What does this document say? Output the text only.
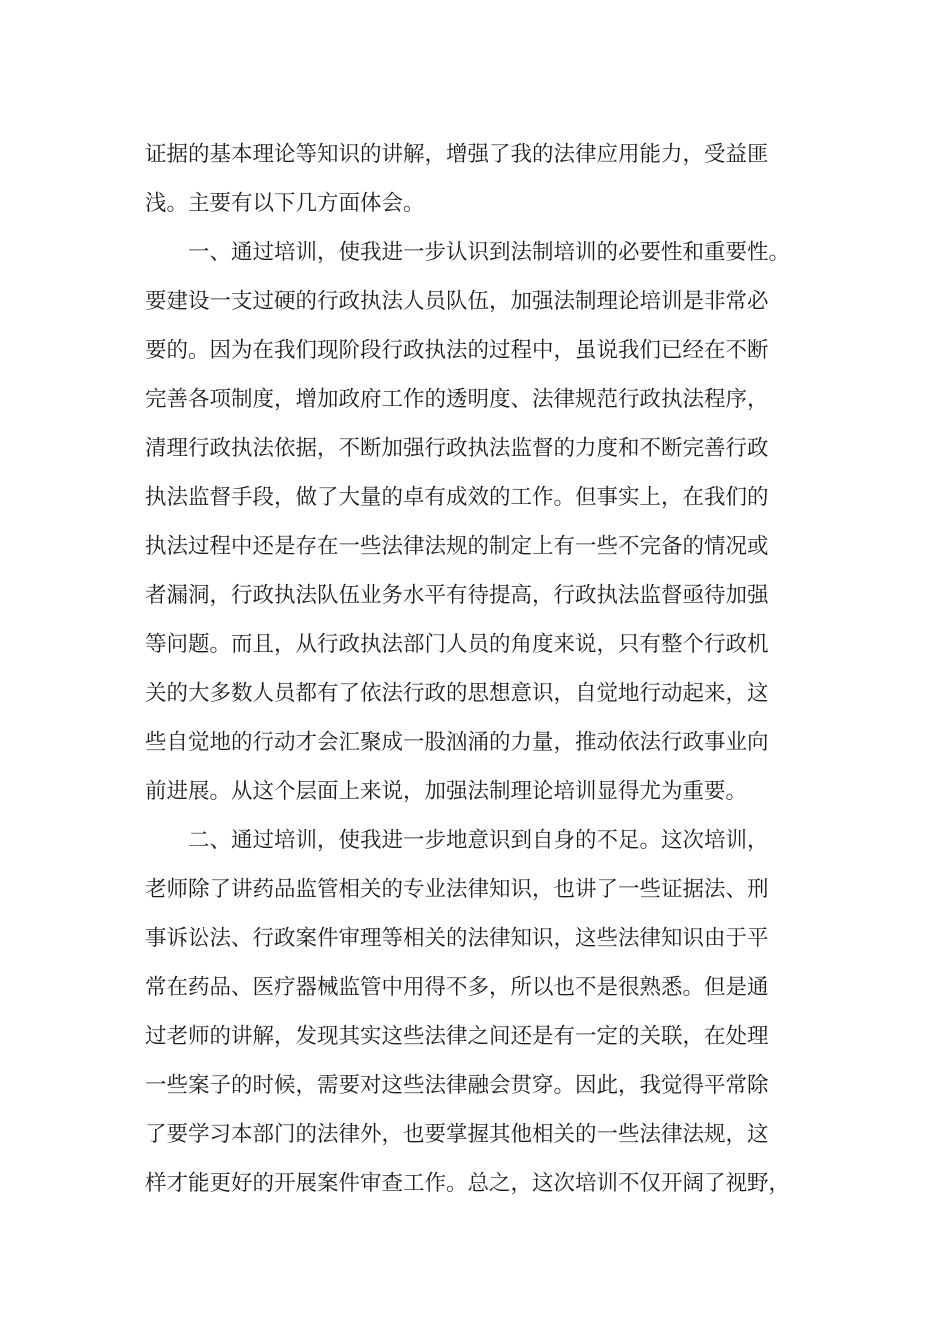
证据的基本理论等知识的讲解，增强了我的法律应用能力，受益匪
浅。主要有以下几方面体会。
一、通过培训，使我进一步认识到法制培训的必要性和重要性。
要建设一支过硬的行政执法人员队伍，加强法制理论培训是非常必
要的。因为在我们现阶段行政执法的过程中，虽说我们已经在不断
完善各项制度，增加政府工作的透明度、法律规范行政执法程序，
清理行政执法依据，不断加强行政执法监督的力度和不断完善行政
执法监督手段，做了大量的卓有成效的工作。但事实上，在我们的
执法过程中还是存在一些法律法规的制定上有一些不完备的情况或
者漏洞，行政执法队伍业务水平有待提高，行政执法监督亟待加强
等问题。而且，从行政执法部门人员的角度来说，只有整个行政机
关的大多数人员都有了依法行政的思想意识，自觉地行动起来，这
些自觉地的行动才会汇聚成一股汹涌的力量，推动依法行政事业向
前进展。从这个层面上来说，加强法制理论培训显得尤为重要。
二、通过培训，使我进一步地意识到自身的不足。这次培训，
老师除了讲药品监管相关的专业法律知识，也讲了一些证据法、刑
事诉讼法、行政案件审理等相关的法律知识，这些法律知识由于平
常在药品、医疗器械监管中用得不多，所以也不是很熟悉。但是通
过老师的讲解，发现其实这些法律之间还是有一定的关联，在处理
一些案子的时候，需要对这些法律融会贯穿。因此，我觉得平常除
了要学习本部门的法律外，也要掌握其他相关的一些法律法规，这
样才能更好的开展案件审查工作。总之，这次培训不仅开阔了视野，
